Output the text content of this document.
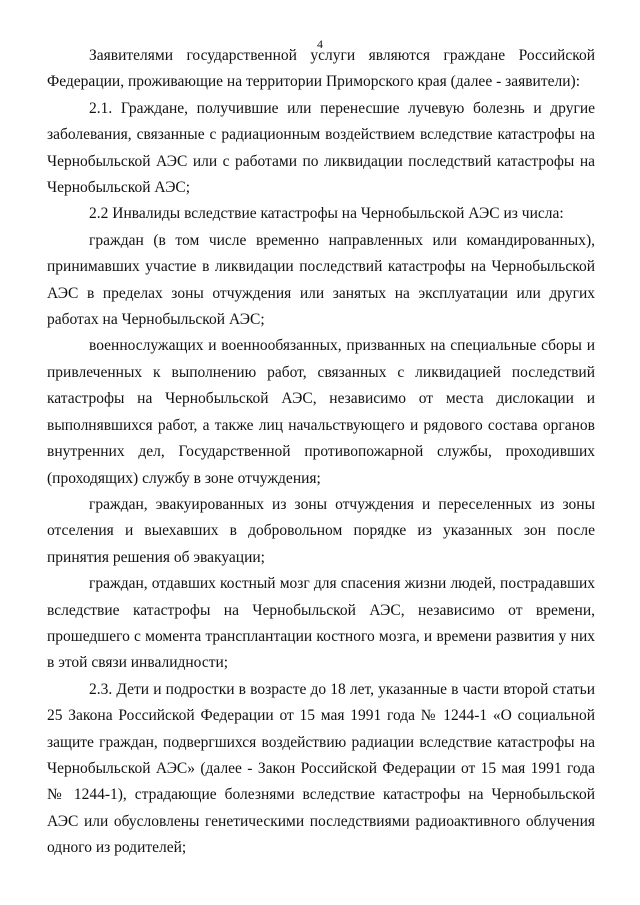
4

Заявителями государственной услуги являются граждане Российской Федерации, проживающие на территории Приморского края (далее - заявители):

2.1. Граждане, получившие или перенесшие лучевую болезнь и другие заболевания, связанные с радиационным воздействием вследствие катастрофы на Чернобыльской АЭС или с работами по ликвидации последствий катастрофы на Чернобыльской АЭС;

2.2 Инвалиды вследствие катастрофы на Чернобыльской АЭС из числа:

граждан (в том числе временно направленных или командированных), принимавших участие в ликвидации последствий катастрофы на Чернобыльской АЭС в пределах зоны отчуждения или занятых на эксплуатации или других работах на Чернобыльской АЭС;

военнослужащих и военнообязанных, призванных на специальные сборы и привлеченных к выполнению работ, связанных с ликвидацией последствий катастрофы на Чернобыльской АЭС, независимо от места дислокации и выполнявшихся работ, а также лиц начальствующего и рядового состава органов внутренних дел, Государственной противопожарной службы, проходивших (проходящих) службу в зоне отчуждения;

граждан, эвакуированных из зоны отчуждения и переселенных из зоны отселения и выехавших в добровольном порядке из указанных зон после принятия решения об эвакуации;

граждан, отдавших костный мозг для спасения жизни людей, пострадавших вследствие катастрофы на Чернобыльской АЭС, независимо от времени, прошедшего с момента трансплантации костного мозга, и времени развития у них в этой связи инвалидности;

2.3. Дети и подростки в возрасте до 18 лет, указанные в части второй статьи 25 Закона Российской Федерации от 15 мая 1991 года № 1244-1 «О социальной защите граждан, подвергшихся воздействию радиации вследствие катастрофы на Чернобыльской АЭС» (далее - Закон Российской Федерации от 15 мая 1991 года № 1244-1), страдающие болезнями вследствие катастрофы на Чернобыльской АЭС или обусловлены генетическими последствиями радиоактивного облучения одного из родителей;
